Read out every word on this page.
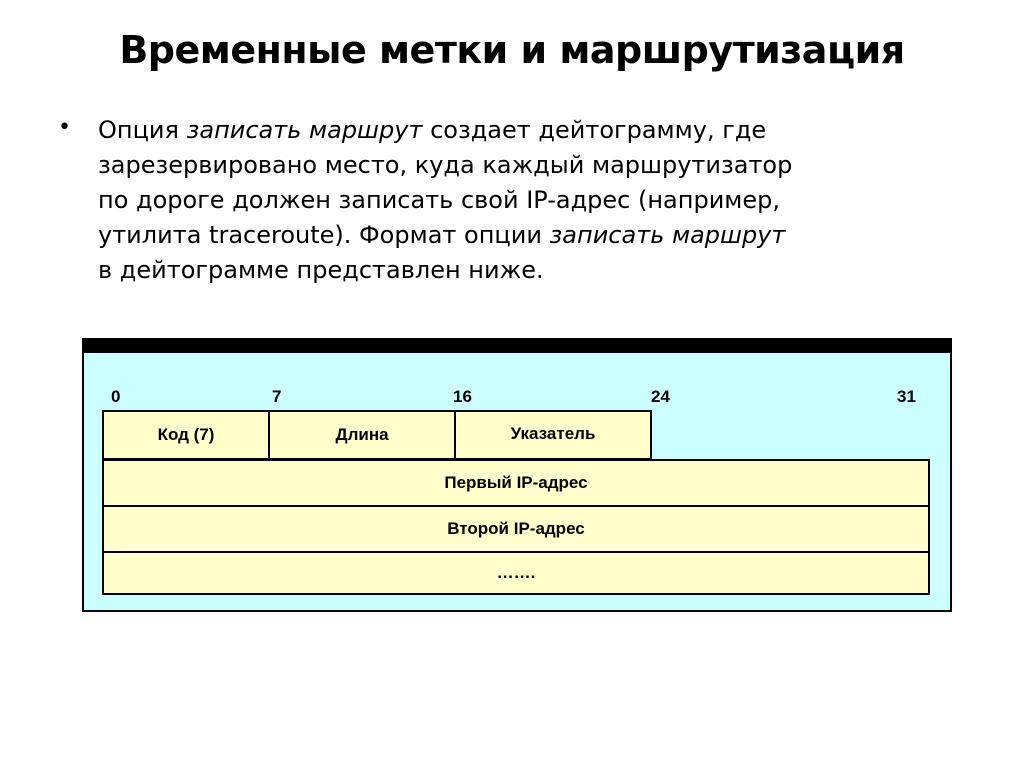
Временные метки и маршрутизация
• Опция записать маршрут создает дейтограмму, где
зарезервировано место, куда каждый маршрутизатор
по дороге должен записать свой IP-адрес (например,
утилита traceroute). Формат опции записать маршрут
в дейтограмме представлен ниже.
0	7	16	24	31
Код (7)	Длина	Указатель
Первый IP-адрес
Второй IP-адрес
…….
